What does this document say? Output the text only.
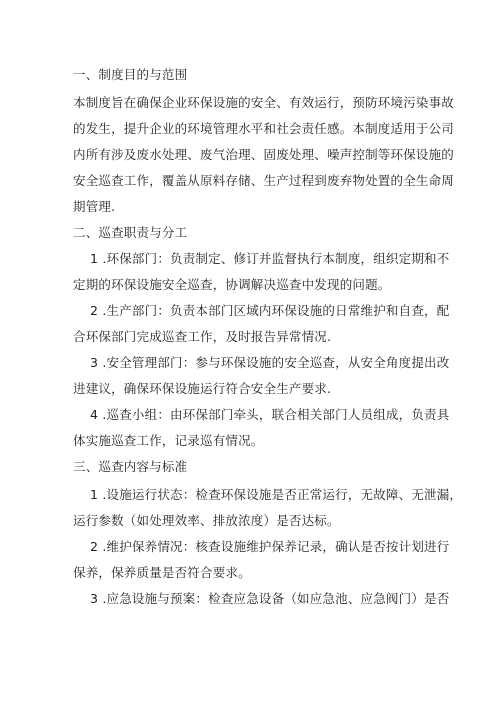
一、制度目的与范围
本制度旨在确保企业环保设施的安全、有效运行，预防环境污染事故
的发生，提升企业的环境管理水平和社会责任感。本制度适用于公司
内所有涉及废水处理、废气治理、固废处理、噪声控制等环保设施的
安全巡查工作，覆盖从原料存储、生产过程到废弃物处置的全生命周
期管理.
二、巡查职责与分工
1 .环保部门：负责制定、修订并监督执行本制度，组织定期和不
定期的环保设施安全巡查，协调解决巡查中发现的问题。
2 .生产部门：负责本部门区域内环保设施的日常维护和自查，配
合环保部门完成巡查工作，及时报告异常情况.
3 .安全管理部门：参与环保设施的安全巡查，从安全角度提出改
进建议，确保环保设施运行符合安全生产要求.
4 .巡查小组：由环保部门牵头，联合相关部门人员组成，负责具
体实施巡查工作，记录巡有情况。
三、巡查内容与标准
1 .设施运行状态：检查环保设施是否正常运行，无故障、无泄漏，
运行参数（如处理效率、排放浓度）是否达标。
2 .维护保养情况：核查设施维护保养记录，确认是否按计划进行
保养，保养质量是否符合要求。
3 .应急设施与预案：检查应急设备（如应急池、应急阀门）是否
